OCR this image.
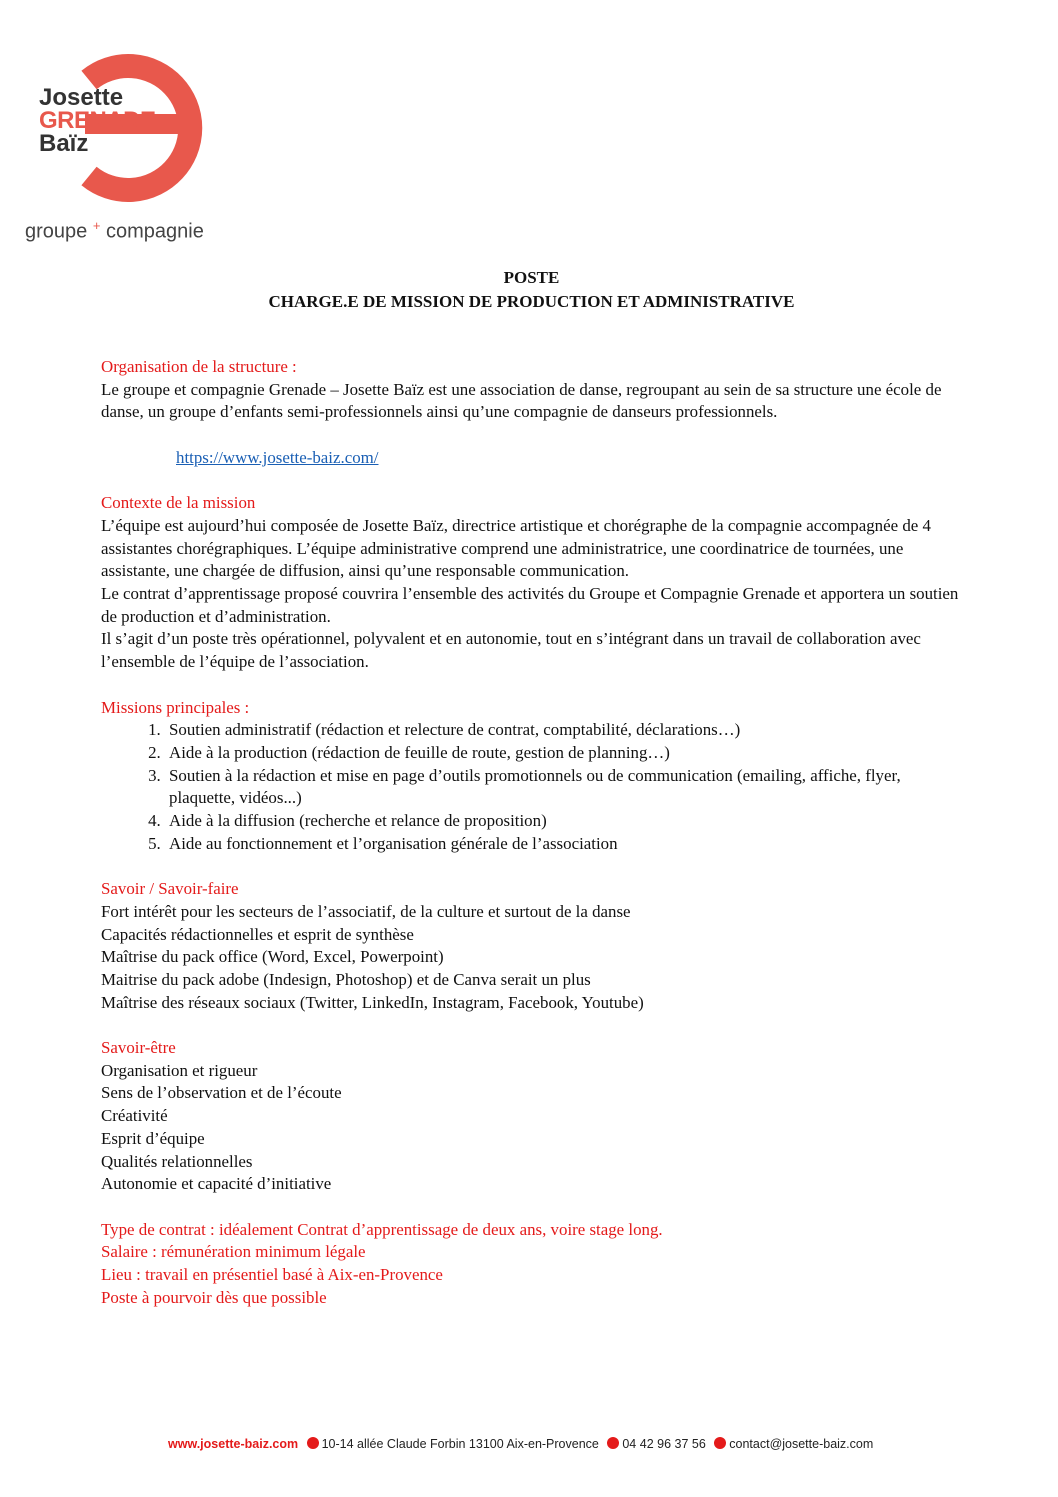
Josette
GRENADE
Baïz
groupe + compagnie
POSTE
CHARGE.E DE MISSION DE PRODUCTION ET ADMINISTRATIVE
Organisation de la structure :

Le groupe et compagnie Grenade – Josette Baïz est une association de danse, regroupant au sein de sa structure une école de danse, un groupe d’enfants semi-professionnels ainsi qu’une compagnie de danseurs professionnels.

https://www.josette-baiz.com/
Contexte de la mission

L’équipe est aujourd’hui composée de Josette Baïz, directrice artistique et chorégraphe de la compagnie accompagnée de 4 assistantes chorégraphiques. L’équipe administrative comprend une administratrice, une coordinatrice de tournées, une assistante, une chargée de diffusion, ainsi qu’une responsable communication.

Le contrat d’apprentissage proposé couvrira l’ensemble des activités du Groupe et Compagnie Grenade et apportera un soutien de production et d’administration.

Il s’agit d’un poste très opérationnel, polyvalent et en autonomie, tout en s’intégrant dans un travail de collaboration avec l’ensemble de l’équipe de l’association.

Missions principales :
1. Soutien administratif (rédaction et relecture de contrat, comptabilité, déclarations…)
2. Aide à la production (rédaction de feuille de route, gestion de planning…)
3. Soutien à la rédaction et mise en page d’outils promotionnels ou de communication (emailing, affiche, flyer, plaquette, vidéos...)
4. Aide à la diffusion (recherche et relance de proposition)
5. Aide au fonctionnement et l’organisation générale de l’association
Savoir / Savoir-faire
Fort intérêt pour les secteurs de l’associatif, de la culture et surtout de la danse
Capacités rédactionnelles et esprit de synthèse
Maîtrise du pack office (Word, Excel, Powerpoint)
Maitrise du pack adobe (Indesign, Photoshop) et de Canva serait un plus
Maîtrise des réseaux sociaux (Twitter, LinkedIn, Instagram, Facebook, Youtube)
Savoir-être
Organisation et rigueur
Sens de l’observation et de l’écoute
Créativité
Esprit d’équipe
Qualités relationnelles
Autonomie et capacité d’initiative
Type de contrat : idéalement Contrat d’apprentissage de deux ans, voire stage long.
Salaire : rémunération minimum légale
Lieu : travail en présentiel basé à Aix-en-Provence
Poste à pourvoir dès que possible
www.josette-baiz.com 10-14 allée Claude Forbin 13100 Aix-en-Provence 04 42 96 37 56 contact@josette-baiz.com
